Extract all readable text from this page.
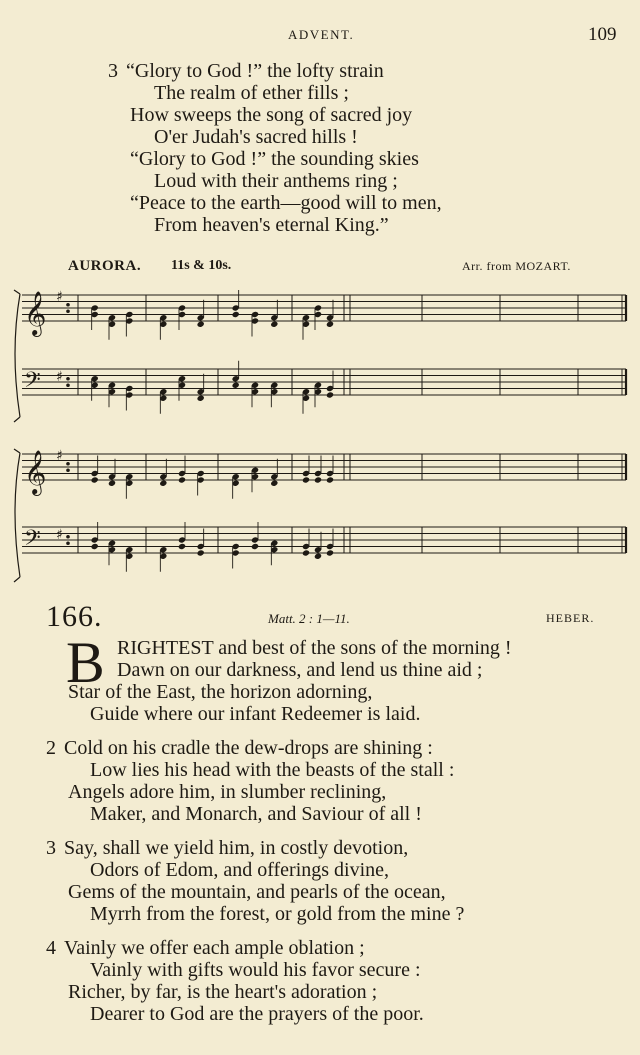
ADVENT.	109
3 “Glory to God !” the lofty strain
The realm of ether fills ;
How sweeps the song of sacred joy
O'er Judah's sacred hills !
“Glory to God !” the sounding skies
Loud with their anthems ring ;
“Peace to the earth—good will to men,
From heaven's eternal King.”
AURORA. 11s & 10s.	Arr. from MOZART.
𝄞 ♯
𝄢 ♯
𝄞 ♯
𝄢 ♯
166.	Matt. 2 : 1—11.	HEBER.
B RIGHTEST and best of the sons of the morning !
Dawn on our darkness, and lend us thine aid ;
Star of the East, the horizon adorning,
Guide where our infant Redeemer is laid.
2 Cold on his cradle the dew-drops are shining :
Low lies his head with the beasts of the stall :
Angels adore him, in slumber reclining,
Maker, and Monarch, and Saviour of all !
3 Say, shall we yield him, in costly devotion,
Odors of Edom, and offerings divine,
Gems of the mountain, and pearls of the ocean,
Myrrh from the forest, or gold from the mine ?
4 Vainly we offer each ample oblation ;
Vainly with gifts would his favor secure :
Richer, by far, is the heart's adoration ;
Dearer to God are the prayers of the poor.
